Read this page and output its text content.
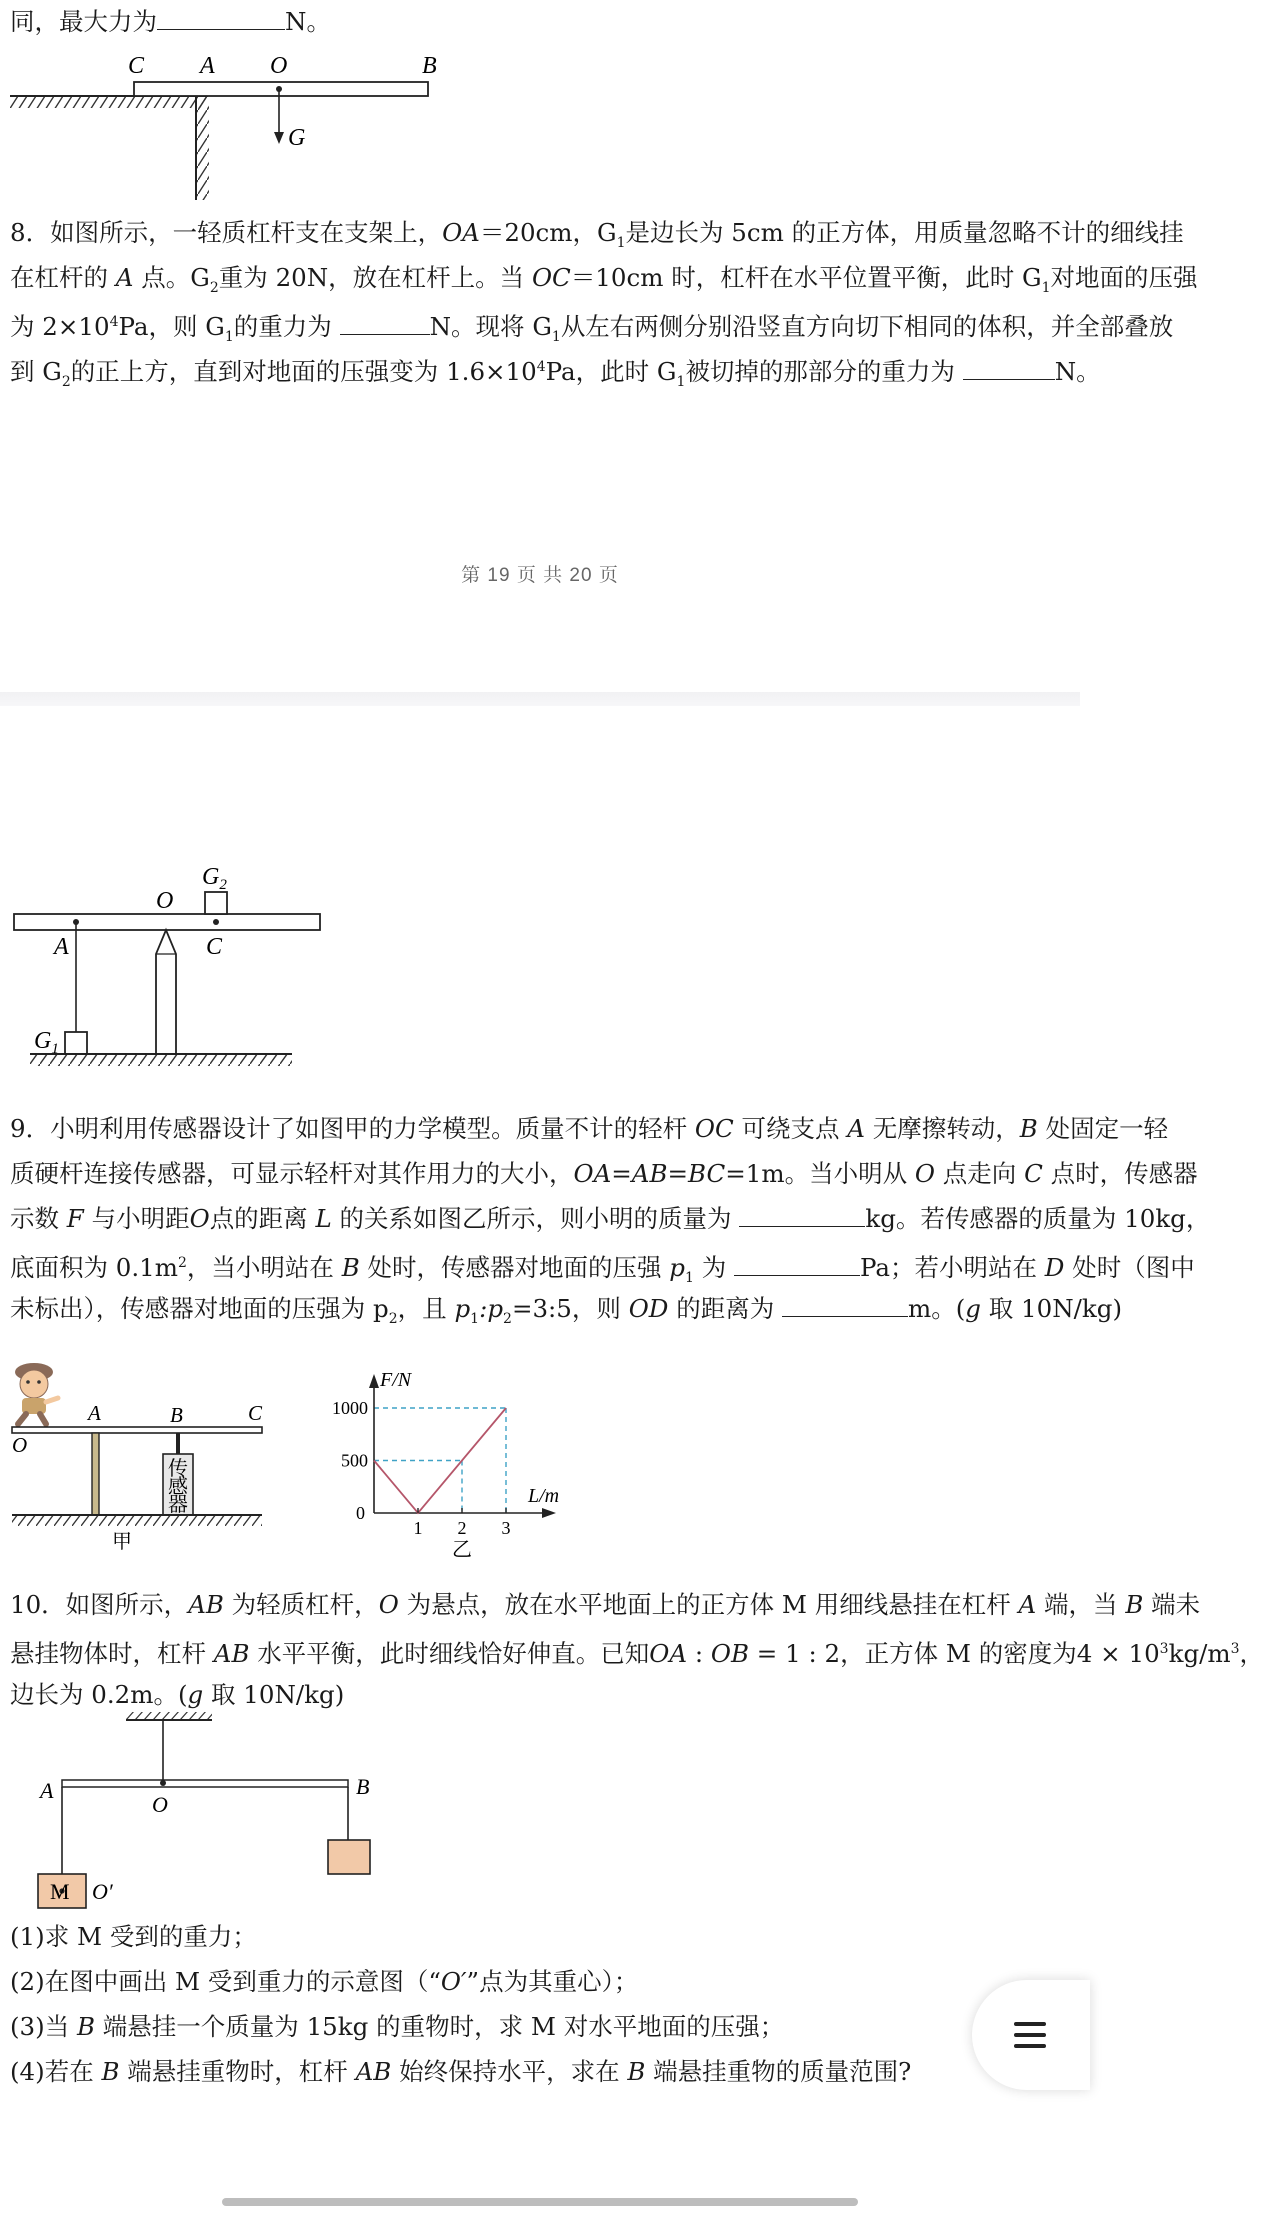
同，最大力为	N。
C A O	B
G
8．如图所示，一轻质杠杆支在支架上，OA＝20cm，$G_1$是边长为 5cm 的正方体，用质量忽略不计的细线挂
在杠杆的 A 点。$G_2$重为 20N，放在杠杆上。当 OC＝10cm 时，杠杆在水平位置平衡，此时 $G_1$对地面的压强
为 $2\times 10^4Pa$，则 $G_1$的重力为	N。现将 $G_1$从左右两侧分别沿竖直方向切下相同的体积，并全部叠放
到 $G_2$的正上方，直到对地面的压强变为 $1.6\times 10^4Pa$，此时 $G_1$被切掉的那部分的重力为	N。
第 19 页 共 20 页
$G_2$
O
A	C
$G_1$
9．小明利用传感器设计了如图甲的力学模型。质量不计的轻杆 OC 可绕支点 A 无摩擦转动，B 处固定一轻
质硬杆连接传感器，可显示轻杆对其作用力的大小，OA=AB=BC=1m。当小明从 O 点走向 C 点时，传感器
示数 F 与小明距O点的距离 L 的关系如图乙所示，则小明的质量为	kg。若传感器的质量为 10kg，
底面积为 $0.1m^2$，当小明站在 B 处时，传感器对地面的压强 $p_1$ 为	Pa；若小明站在 D 处时（图中
未标出），传感器对地面的压强为 $p_2$，且 $p_1:p_2=3:5$，则 OD 的距离为	m。(g 取 10N/kg)
O
A	B	C
传
感
器
甲
500
1000
1 2 3
F/N
L/m
0
乙
10．如图所示，AB 为轻质杠杆，O 为悬点，放在水平地面上的正方体 M 用细线悬挂在杠杆 A 端，当 B 端未
悬挂物体时，杠杆 AB 水平平衡，此时细线恰好伸直。已知OA : OB = 1 : 2，正方体 M 的密度为$4 \times 10^3kg/m^3$，
边长为 0.2m。(g 取 10N/kg)
A
O
B
M O′
(1)求 M 受到的重力；
(2)在图中画出 M 受到重力的示意图（“O′”点为其重心）；
(3)当 B 端悬挂一个质量为 15kg 的重物时，求 M 对水平地面的压强；
(4)若在 B 端悬挂重物时，杠杆 AB 始终保持水平，求在 B 端悬挂重物的质量范围?
